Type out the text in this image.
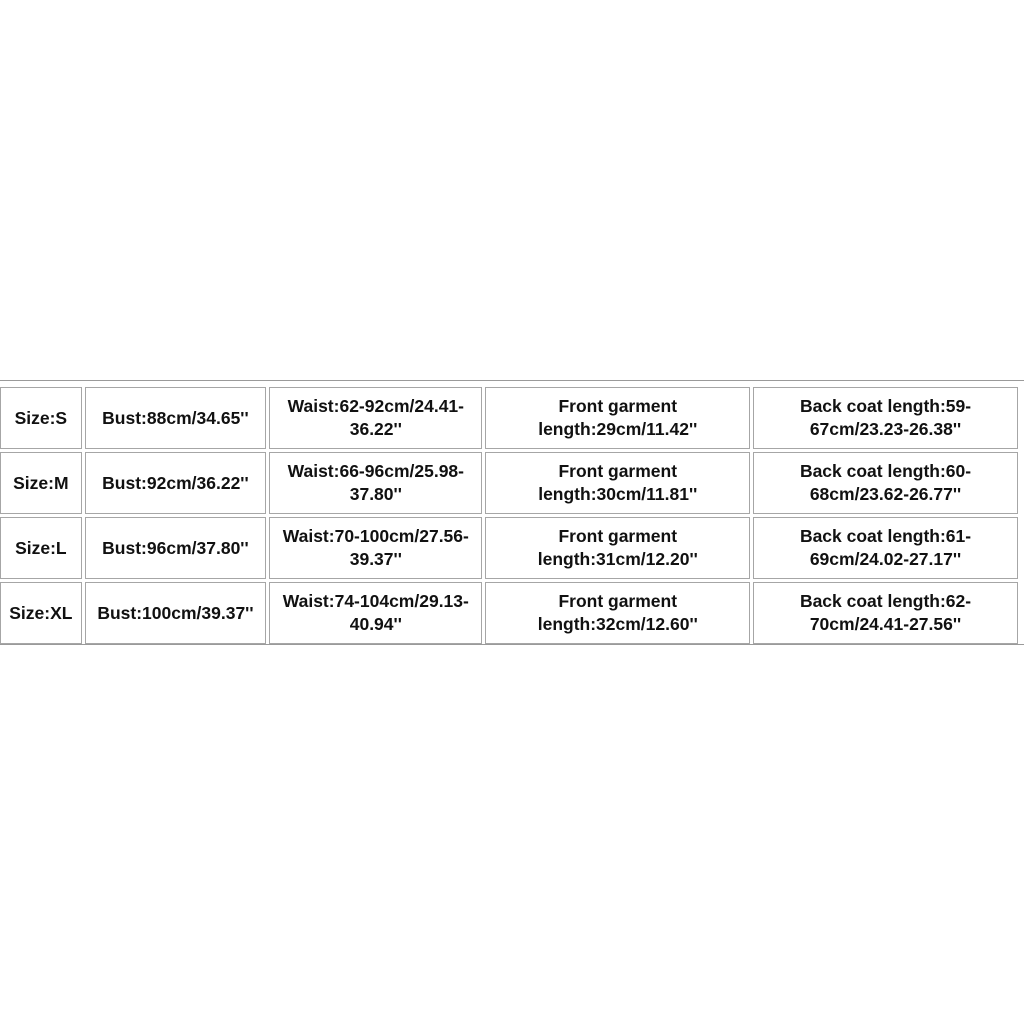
Size:S	Bust:88cm/34.65''	Waist:62-92cm/24.41-
36.22''	Front garment
length:29cm/11.42''	Back coat length:59-
67cm/23.23-26.38''

Size:M	Bust:92cm/36.22''	Waist:66-96cm/25.98-
37.80''	Front garment
length:30cm/11.81''	Back coat length:60-
68cm/23.62-26.77''

Size:L	Bust:96cm/37.80''	Waist:70-100cm/27.56-
39.37''	Front garment
length:31cm/12.20''	Back coat length:61-
69cm/24.02-27.17''

Size:XL	Bust:100cm/39.37''	Waist:74-104cm/29.13-
40.94''	Front garment
length:32cm/12.60''	Back coat length:62-
70cm/24.41-27.56''
